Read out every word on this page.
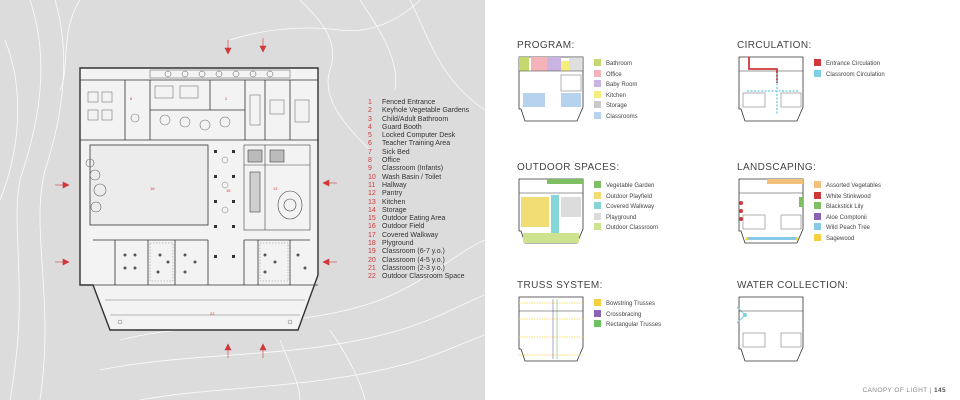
16	15	13
22
6	2
1 Fenced Entrance
2 Keyhole Vegetable Gardens
3 Child/Adult Bathroom
4 Guard Booth
5 Locked Computer Desk
6 Teacher Training Area
7 Sick Bed
8 Office
9 Classroom (Infants)
10 Wash Basin / Toilet
11 Hallway
12 Pantry
13 Kitchen
14 Storage
15 Outdoor Eating Area
16 Outdoor Field
17 Covered Walkway
18 Plyground
19 Classroom (6-7 y.o.)
20 Classroom (4-5 y.o.)
21 Classroom (2-3 y.o.)
22 Outdoor Classroom Space
PROGRAM:
Bathroom
Office
Baby Room
Kitchen
Storage
Classrooms
CIRCULATION:
Entrance Circulation
Classroom Circulation
OUTDOOR SPACES:
Vegetable Garden
Outdoor Playfield
Covered Walkway
Playground
Outdoor Classroom
LANDSCAPING:
Assorted Vegetables
White Stinkwood
Blackstick Lily
Aloe Comptonii
Wild Peach Tree
Sagewood
TRUSS SYSTEM:
Bowstring Trusses
Crossbracing
Rectangular Trusses
WATER COLLECTION:
CANOPY OF LIGHT | 145
